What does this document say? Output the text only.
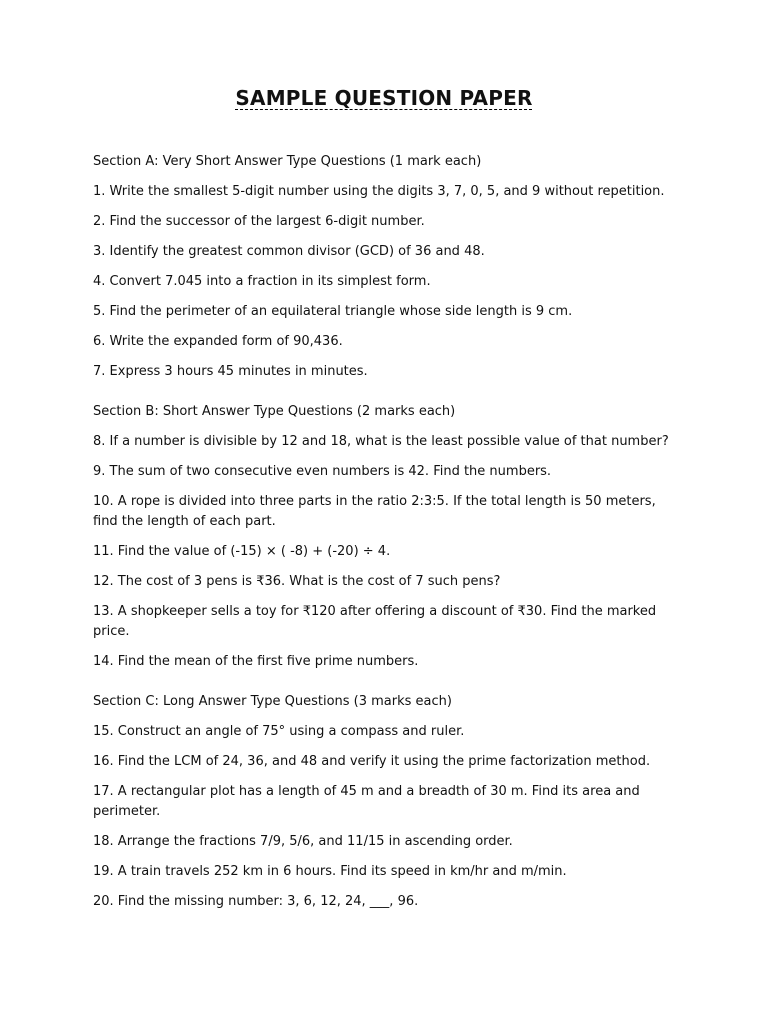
SAMPLE QUESTION PAPER

Section A: Very Short Answer Type Questions (1 mark each)

1. Write the smallest 5-digit number using the digits 3, 7, 0, 5, and 9 without repetition.

2. Find the successor of the largest 6-digit number.

3. Identify the greatest common divisor (GCD) of 36 and 48.

4. Convert 7.045 into a fraction in its simplest form.

5. Find the perimeter of an equilateral triangle whose side length is 9 cm.

6. Write the expanded form of 90,436.

7. Express 3 hours 45 minutes in minutes.

Section B: Short Answer Type Questions (2 marks each)

8. If a number is divisible by 12 and 18, what is the least possible value of that number?

9. The sum of two consecutive even numbers is 42. Find the numbers.

10. A rope is divided into three parts in the ratio 2:3:5. If the total length is 50 meters, find the length of each part.

11. Find the value of (-15) × ( -8) + (-20) ÷ 4.

12. The cost of 3 pens is ₹36. What is the cost of 7 such pens?

13. A shopkeeper sells a toy for ₹120 after offering a discount of ₹30. Find the marked price.

14. Find the mean of the first five prime numbers.

Section C: Long Answer Type Questions (3 marks each)

15. Construct an angle of 75° using a compass and ruler.

16. Find the LCM of 24, 36, and 48 and verify it using the prime factorization method.

17. A rectangular plot has a length of 45 m and a breadth of 30 m. Find its area and perimeter.

18. Arrange the fractions 7/9, 5/6, and 11/15 in ascending order.

19. A train travels 252 km in 6 hours. Find its speed in km/hr and m/min.

20. Find the missing number: 3, 6, 12, 24, ___, 96.
